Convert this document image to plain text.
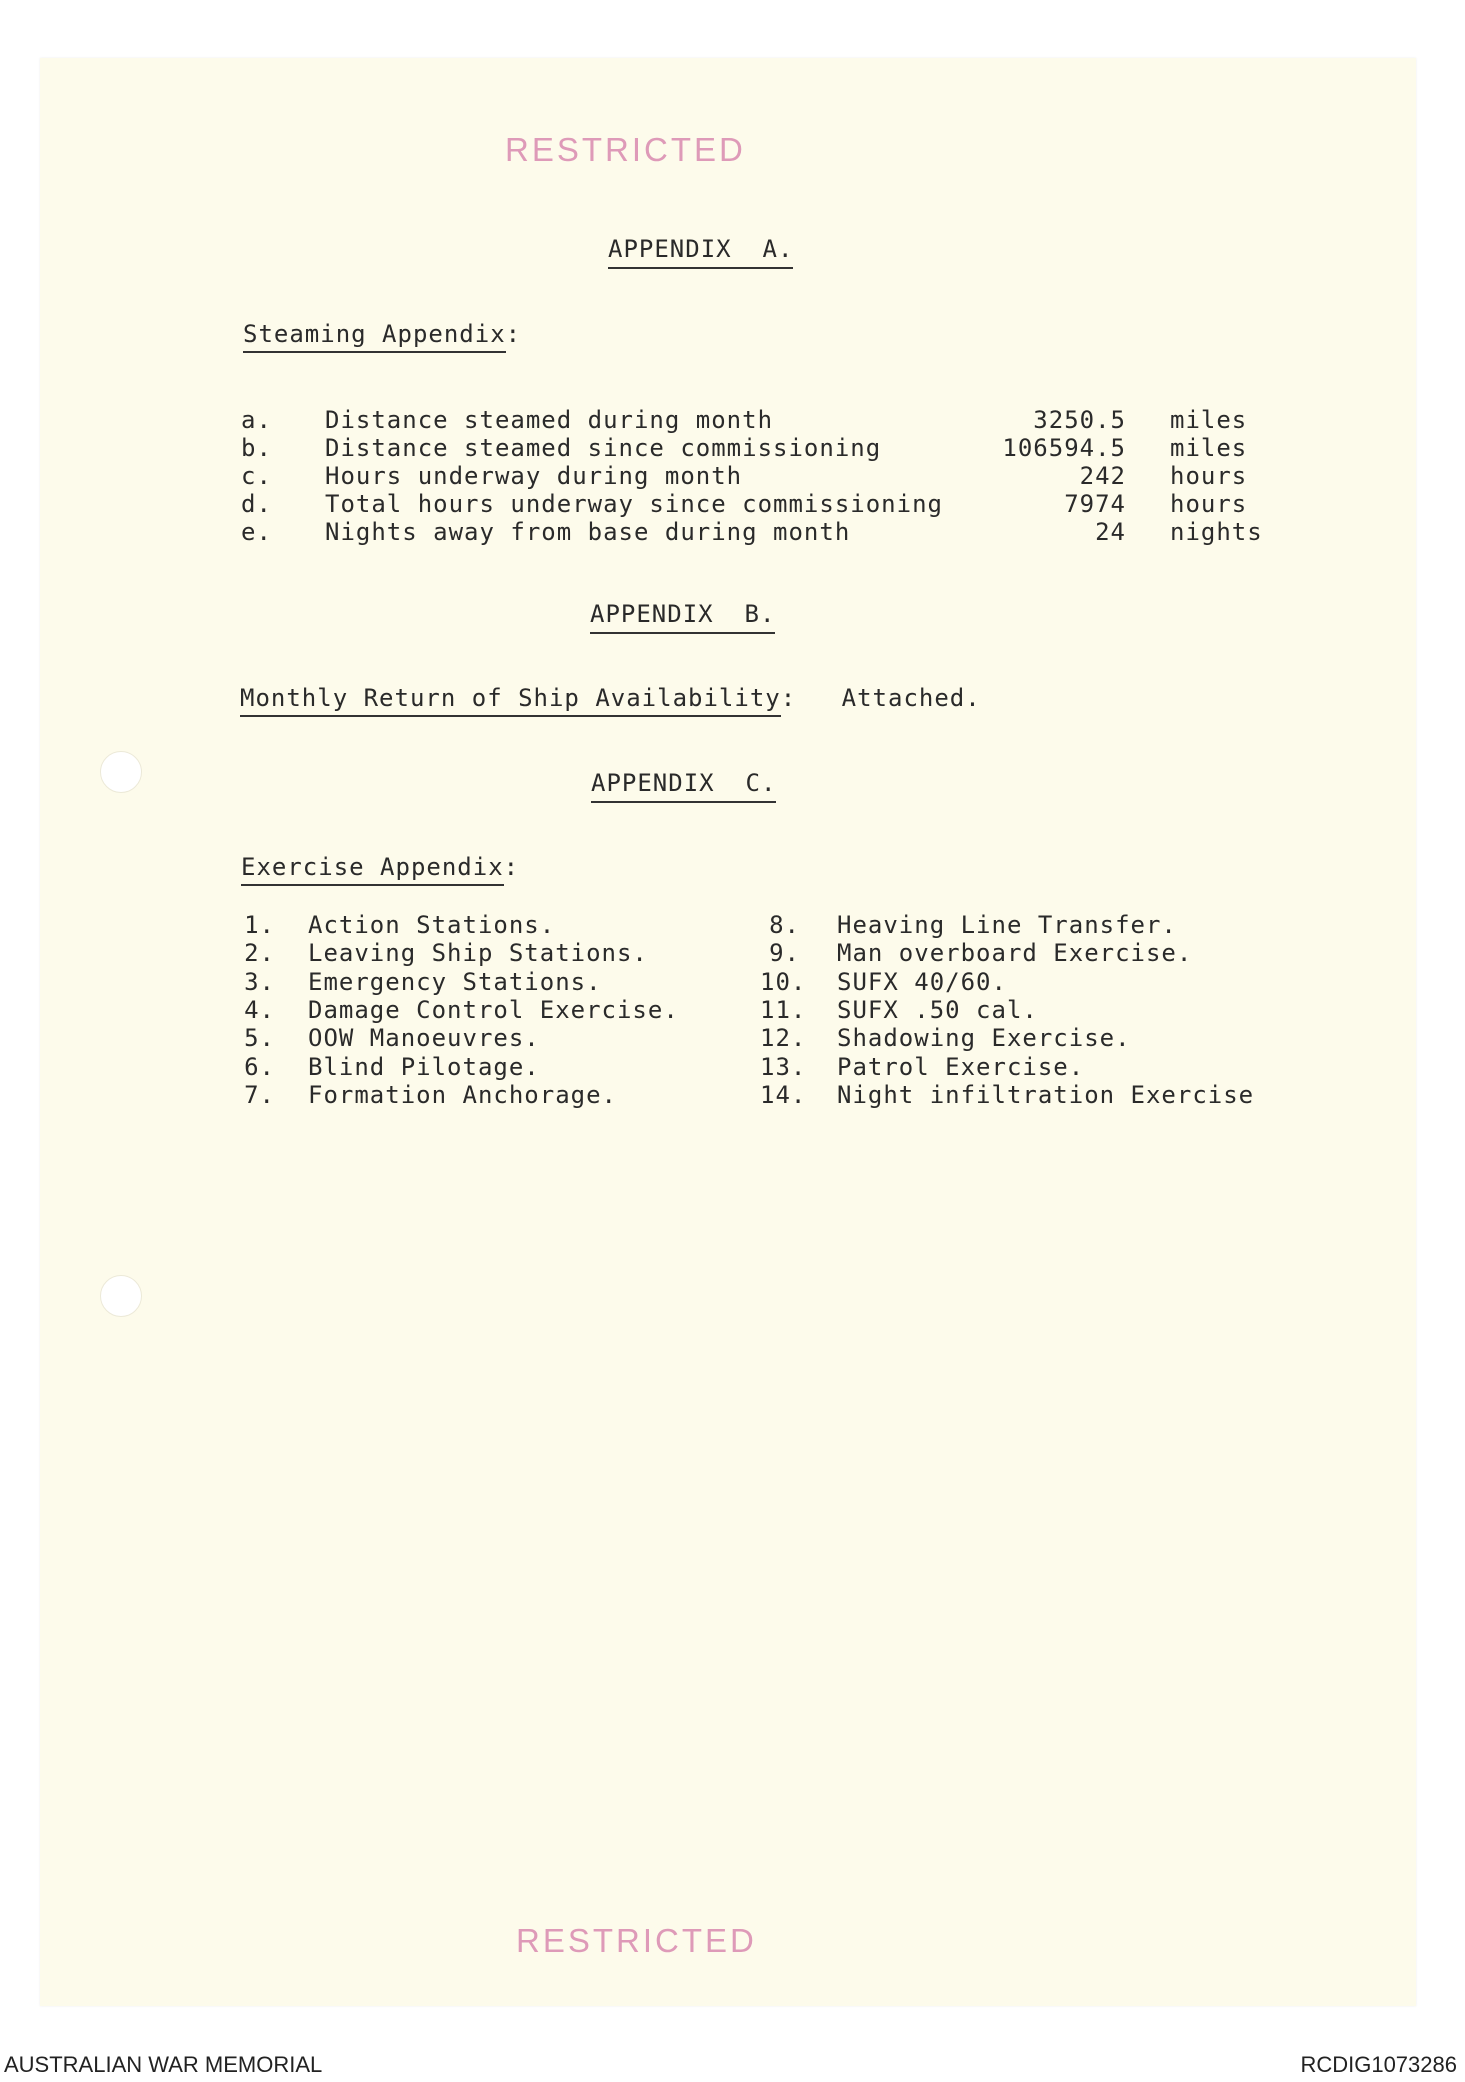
RESTRICTED
APPENDIX  A.
Steaming Appendix:
a. Distance steamed during month	3250.5 miles
b. Distance steamed since commissioning	106594.5 miles
c. Hours underway during month	242 hours
d. Total hours underway since commissioning	7974 hours
e. Nights away from base during month	24 nights
APPENDIX  B.
Monthly Return of Ship Availability: Attached.
APPENDIX  C.
Exercise Appendix:
1. Action Stations.
2. Leaving Ship Stations.
3. Emergency Stations.
4. Damage Control Exercise.
5. OOW Manoeuvres.
6. Blind Pilotage.
7. Formation Anchorage.
8. Heaving Line Transfer.
9. Man overboard Exercise.
10. SUFX 40/60.
11. SUFX .50 cal.
12. Shadowing Exercise.
13. Patrol Exercise.
14. Night infiltration Exercise
RESTRICTED
AUSTRALIAN WAR MEMORIAL	RCDIG1073286
